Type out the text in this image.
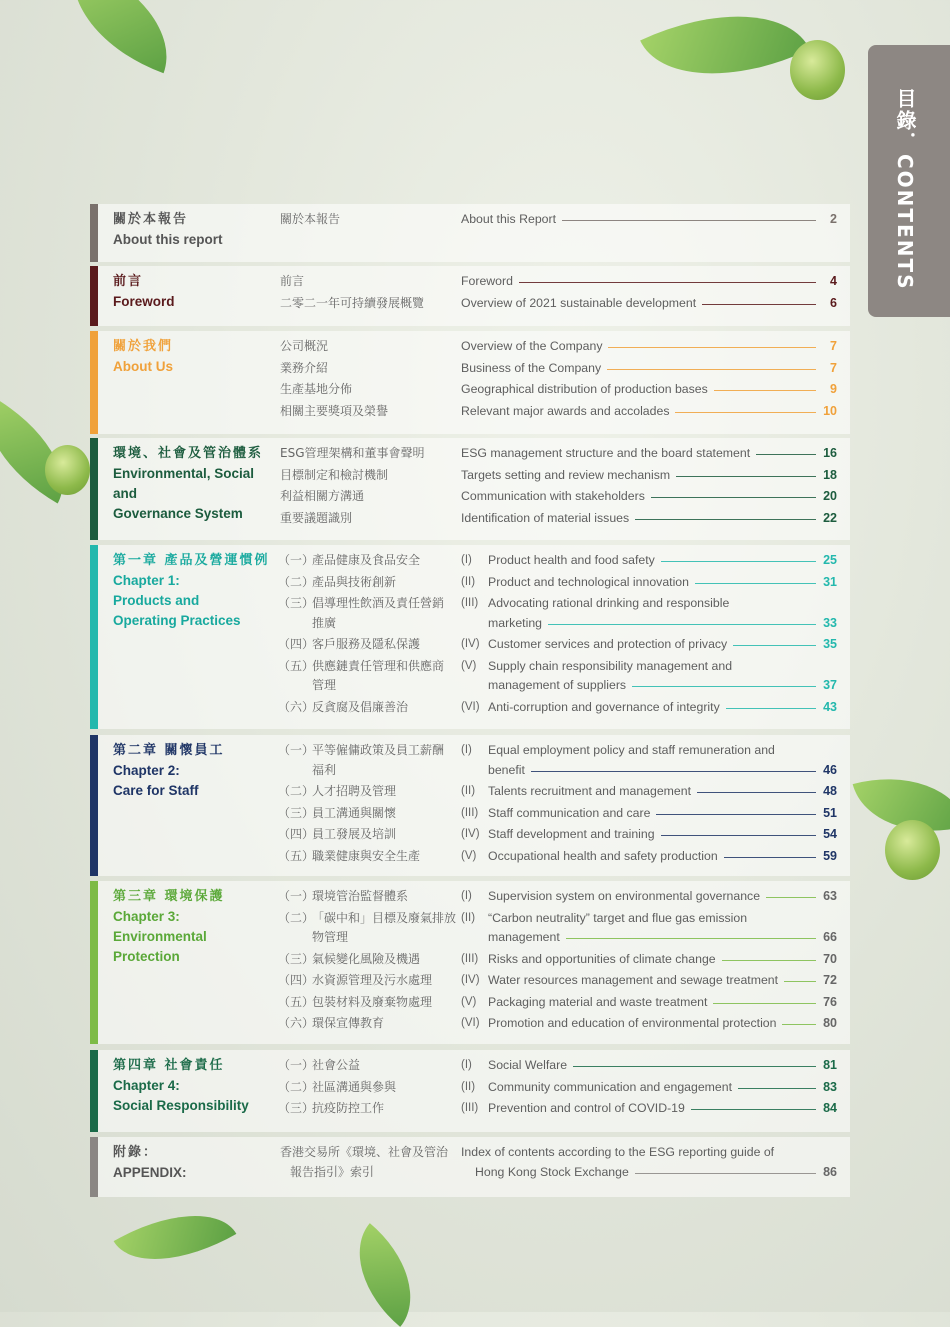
目錄．CONTENTS
關於本報告
About this report
關於本報告	About this Report	2
前言
Foreword
前言	Foreword	4
二零二一年可持續發展概覽	Overview of 2021 sustainable development	6
關於我們
About Us
公司概況	Overview of the Company	7
業務介紹	Business of the Company	7
生產基地分佈	Geographical distribution of production bases	9
相關主要獎項及榮譽	Relevant major awards and accolades	10
環境、社會及管治體系
Environmental, Social and
Governance System
ESG管理架構和董事會聲明	ESG management structure and the board statement	16
目標制定和檢討機制	Targets setting and review mechanism	18
利益相關方溝通	Communication with stakeholders	20
重要議題識別	Identification of material issues	22
第一章 產品及營運慣例
Chapter 1:
Products and
Operating Practices
（一）
產品健康及食品安全	(I) Product health and food safety	25
（二）
產品與技術創新	(II) Product and technological innovation	31
（三）
倡導理性飲酒及責任營銷
推廣
(III) Advocating rational drinking and responsible
marketing	33
（四）
客戶服務及隱私保護	(IV) Customer services and protection of privacy	35
（五）
供應鏈責任管理和供應商
管理
(V) Supply chain responsibility management and
management of suppliers	37
（六）
反貪腐及倡廉善治	(VI) Anti-corruption and governance of integrity	43
第二章 關懷員工
Chapter 2:
Care for Staff
（一）
平等僱傭政策及員工薪酬
福利
(I) Equal employment policy and staff remuneration and
benefit	46
（二）
人才招聘及管理	(II) Talents recruitment and management	48
（三）
員工溝通與關懷	(III) Staff communication and care	51
（四）
員工發展及培訓	(IV) Staff development and training	54
（五）
職業健康與安全生產	(V) Occupational health and safety production	59
第三章 環境保護
Chapter 3:
Environmental Protection
（一）
環境管治監督體系	(I) Supervision system on environmental governance	63
（二）
「碳中和」目標及廢氣排放
物管理
(II) “Carbon neutrality” target and flue gas emission
management	66
（三）
氣候變化風險及機遇	(III) Risks and opportunities of climate change	70
（四）
水資源管理及污水處理	(IV) Water resources management and sewage treatment	72
（五）
包裝材料及廢棄物處理	(V) Packaging material and waste treatment	76
（六）
環保宣傳教育	(VI) Promotion and education of environmental protection	80
第四章 社會責任
Chapter 4:
Social Responsibility
（一）
社會公益	(I) Social Welfare	81
（二）
社區溝通與參與	(II) Community communication and engagement	83
（三）
抗疫防控工作	(III) Prevention and control of COVID-19	84
附錄：
APPENDIX:
香港交易所《環境、社會及管治
報告指引》索引
Index of contents according to the ESG reporting guide of
Hong Kong Stock Exchange	86
